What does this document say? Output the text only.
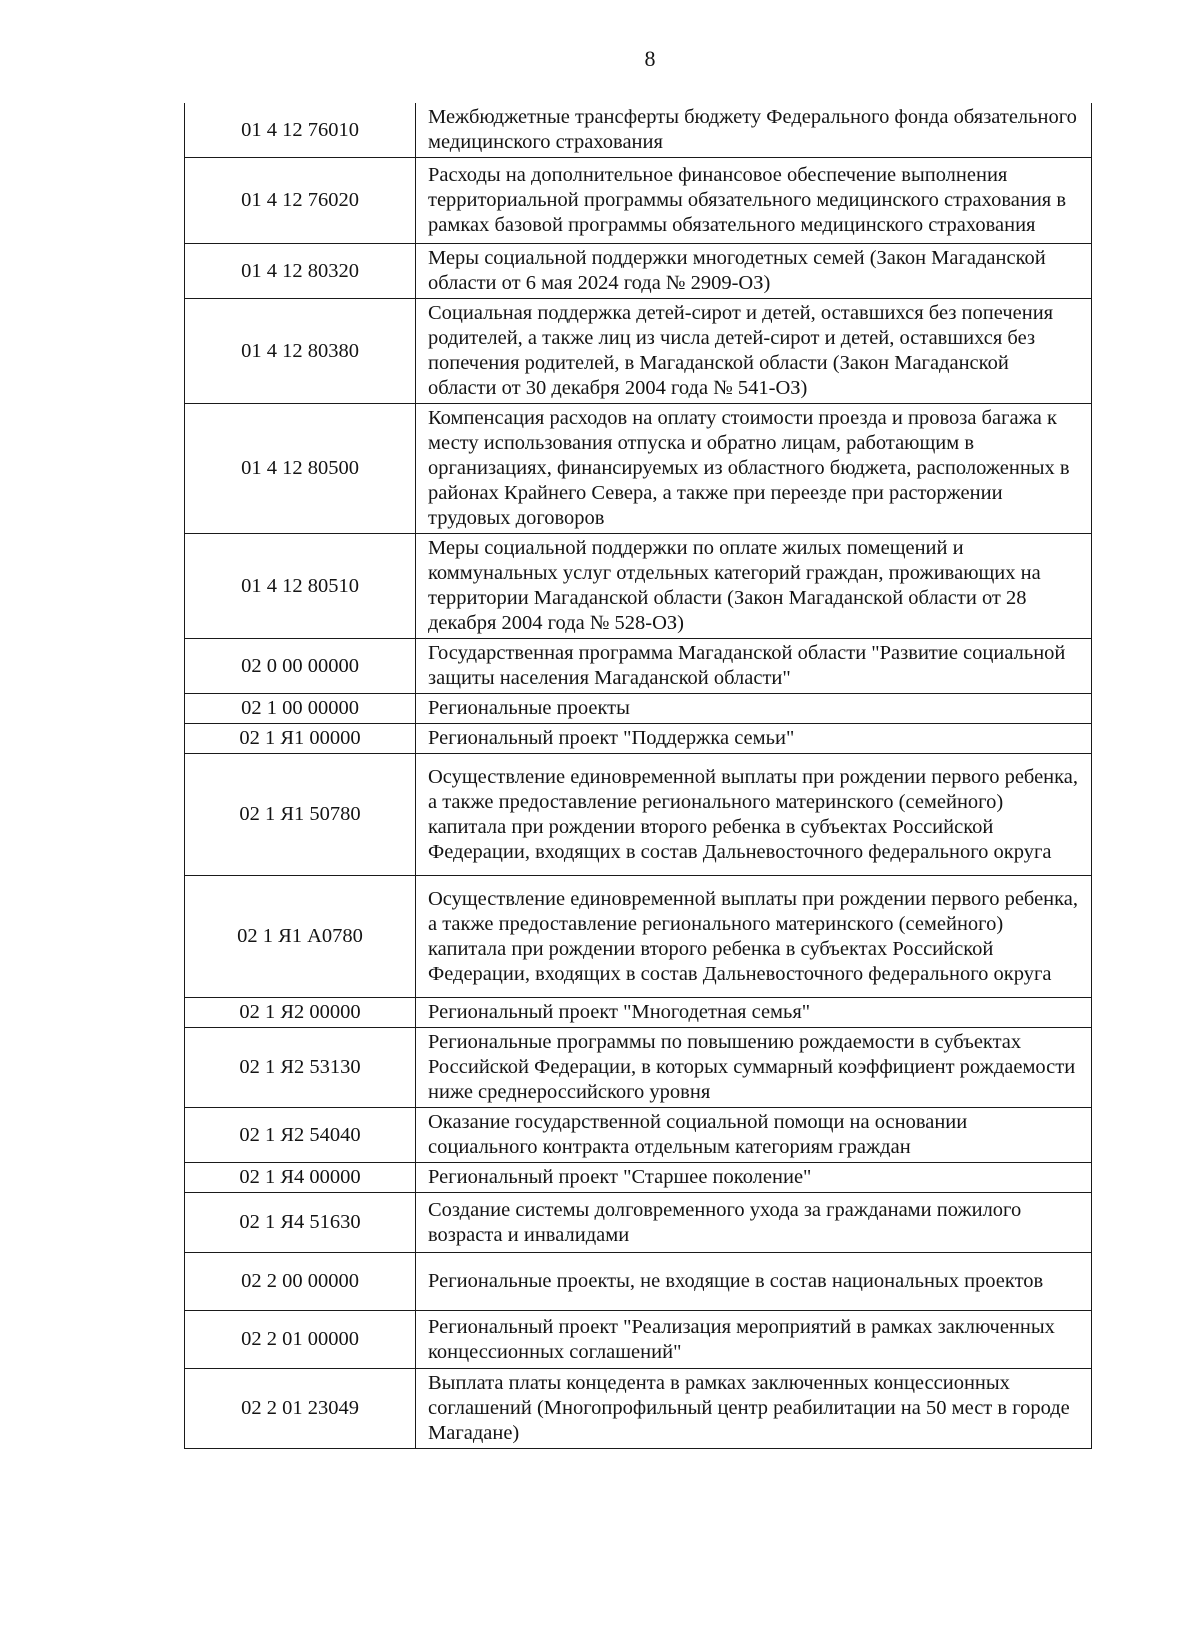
8
01 4 12 76010	Межбюджетные трансферты бюджету Федерального фонда обязательного медицинского страхования
01 4 12 76020	Расходы на дополнительное финансовое обеспечение выполнения территориальной программы обязательного медицинского страхования в рамках базовой программы обязательного медицинского страхования
01 4 12 80320	Меры социальной поддержки многодетных семей (Закон Магаданской области от 6 мая 2024 года № 2909-ОЗ)
01 4 12 80380	Социальная поддержка детей-сирот и детей, оставшихся без попечения родителей, а также лиц из числа детей-сирот и детей, оставшихся без попечения родителей, в Магаданской области (Закон Магаданской области от 30 декабря 2004 года № 541-ОЗ)
01 4 12 80500	Компенсация расходов на оплату стоимости проезда и провоза багажа к месту использования отпуска и обратно лицам, работающим в организациях, финансируемых из областного бюджета, расположенных в районах Крайнего Севера, а также при переезде при расторжении трудовых договоров
01 4 12 80510	Меры социальной поддержки по оплате жилых помещений и коммунальных услуг отдельных категорий граждан, проживающих на территории Магаданской области (Закон Магаданской области от 28 декабря 2004 года № 528-ОЗ)
02 0 00 00000	Государственная программа Магаданской области "Развитие социальной защиты населения Магаданской области"
02 1 00 00000	Региональные проекты
02 1 Я1 00000	Региональный проект "Поддержка семьи"
02 1 Я1 50780	Осуществление единовременной выплаты при рождении первого ребенка, а также предоставление регионального материнского (семейного) капитала при рождении второго ребенка в субъектах Российской Федерации, входящих в состав Дальневосточного федерального округа
02 1 Я1 А0780	Осуществление единовременной выплаты при рождении первого ребенка, а также предоставление регионального материнского (семейного) капитала при рождении второго ребенка в субъектах Российской Федерации, входящих в состав Дальневосточного федерального округа
02 1 Я2 00000	Региональный проект "Многодетная семья"
02 1 Я2 53130	Региональные программы по повышению рождаемости в субъектах Российской Федерации, в которых суммарный коэффициент рождаемости ниже среднероссийского уровня
02 1 Я2 54040	Оказание государственной социальной помощи на основании социального контракта отдельным категориям граждан
02 1 Я4 00000	Региональный проект "Старшее поколение"
02 1 Я4 51630	Создание системы долговременного ухода за гражданами пожилого возраста и инвалидами
02 2 00 00000	Региональные проекты, не входящие в состав национальных проектов
02 2 01 00000	Региональный проект "Реализация мероприятий в рамках заключенных концессионных соглашений"
02 2 01 23049	Выплата платы концедента в рамках заключенных концессионных соглашений (Многопрофильный центр реабилитации на 50 мест в городе Магадане)
